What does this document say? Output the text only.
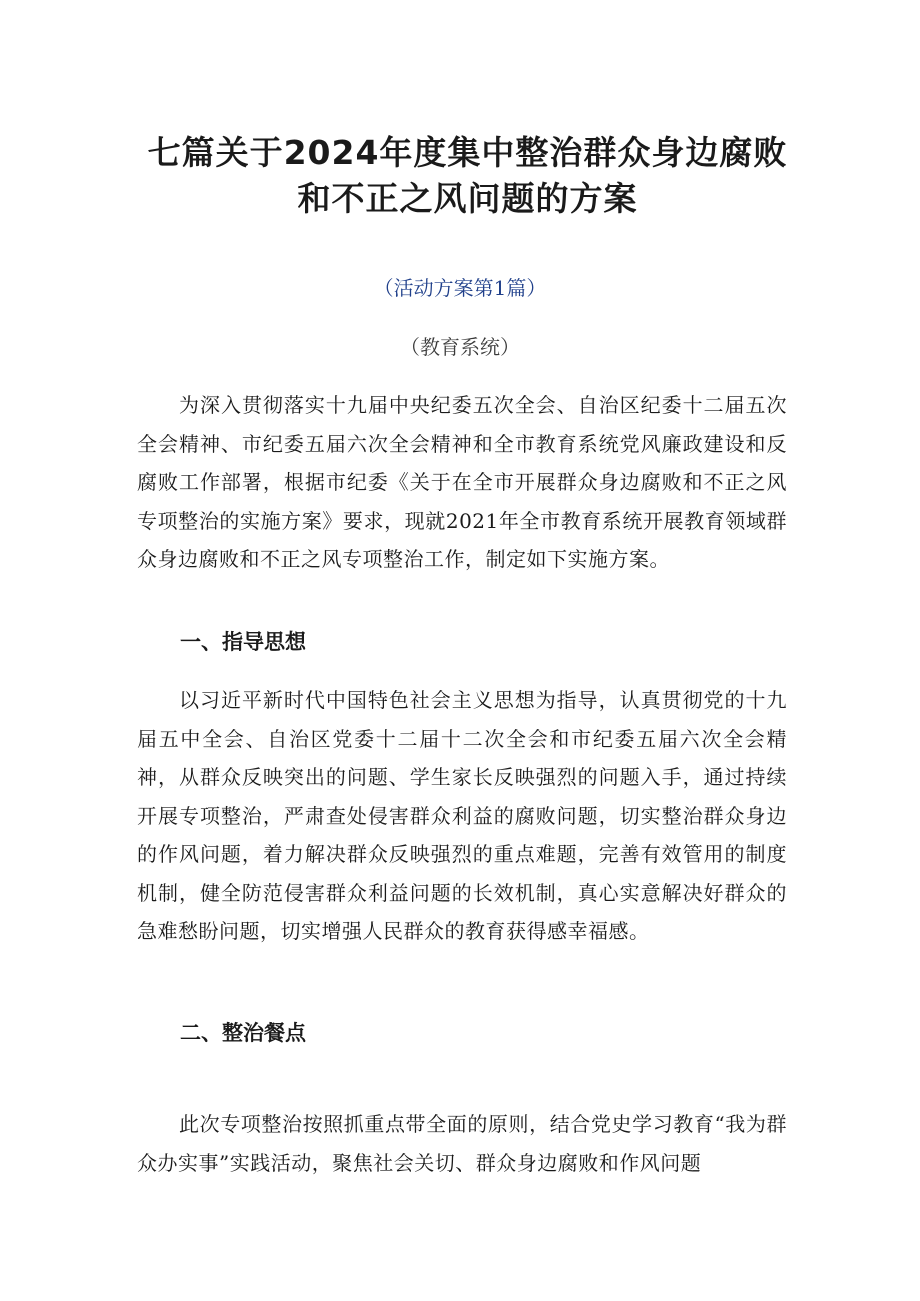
七篇关于2024年度集中整治群众身边腐败
和不正之风问题的方案
（活动方案第1篇）
（教育系统）

为深入贯彻落实十九届中央纪委五次全会、自治区纪委十二届五次全会精神、市纪委五届六次全会精神和全市教育系统党风廉政建设和反腐败工作部署，根据市纪委《关于在全市开展群众身边腐败和不正之风专项整治的实施方案》要求，现就2021年全市教育系统开展教育领域群众身边腐败和不正之风专项整治工作，制定如下实施方案。

一、指导思想

以习近平新时代中国特色社会主义思想为指导，认真贯彻党的十九届五中全会、自治区党委十二届十二次全会和市纪委五届六次全会精神，从群众反映突出的问题、学生家长反映强烈的问题入手，通过持续开展专项整治，严肃查处侵害群众利益的腐败问题，切实整治群众身边的作风问题，着力解决群众反映强烈的重点难题，完善有效管用的制度机制，健全防范侵害群众利益问题的长效机制，真心实意解决好群众的急难愁盼问题，切实增强人民群众的教育获得感幸福感。

二、整治餐点

此次专项整治按照抓重点带全面的原则，结合党史学习教育“我为群众办实事”实践活动，聚焦社会关切、群众身边腐败和作风问题
